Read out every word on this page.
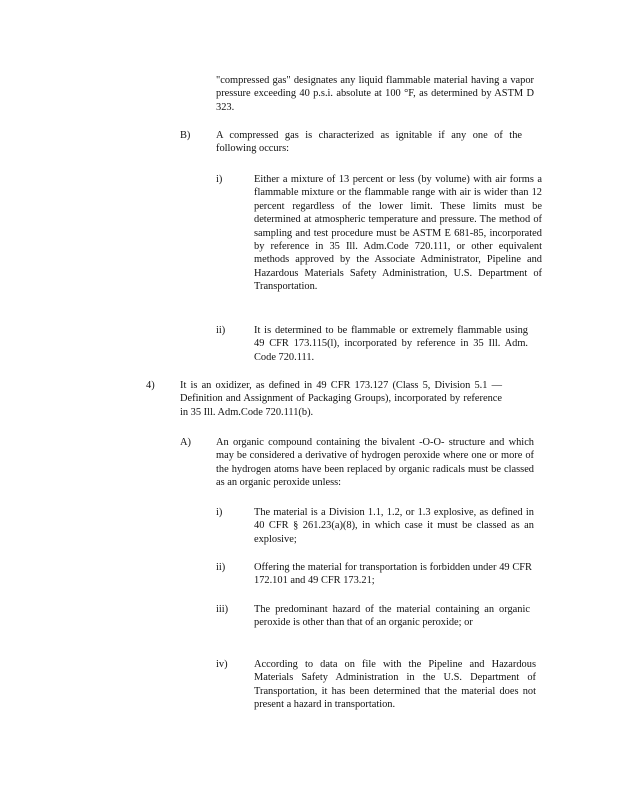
"compressed gas" designates any liquid flammable material having a vapor pressure exceeding 40 p.s.i. absolute at 100 °F, as determined by ASTM D 323.

B) A compressed gas is characterized as ignitable if any one of the following occurs:

i)	Either a mixture of 13 percent or less (by volume) with air forms a flammable mixture or the flammable range with air is wider than 12 percent regardless of the lower limit. These limits must be determined at atmospheric temperature and pressure. The method of sampling and test procedure must be ASTM E 681-85, incorporated by reference in 35 Ill. Adm.Code 720.111, or other equivalent methods approved by the Associate Administrator, Pipeline and Hazardous Materials Safety Administration, U.S. Department of Transportation.

ii)	It is determined to be flammable or extremely flammable using 49 CFR 173.115(l), incorporated by reference in 35 Ill. Adm. Code 720.111.

4) It is an oxidizer, as defined in 49 CFR 173.127 (Class 5, Division 5.1 — Definition and Assignment of Packaging Groups), incorporated by reference in 35 Ill. Adm.Code 720.111(b).

A) An organic compound containing the bivalent -O-O- structure and which may be considered a derivative of hydrogen peroxide where one or more of the hydrogen atoms have been replaced by organic radicals must be classed as an organic peroxide unless:

i)	The material is a Division 1.1, 1.2, or 1.3 explosive, as defined in 40 CFR § 261.23(a)(8), in which case it must be classed as an explosive;

ii)	Offering the material for transportation is forbidden under 49 CFR 172.101 and 49 CFR 173.21;

iii) The predominant hazard of the material containing an organic peroxide is other than that of an organic peroxide; or

iv)	According to data on file with the Pipeline and Hazardous Materials Safety Administration in the U.S. Department of Transportation, it has been determined that the material does not present a hazard in transportation.
